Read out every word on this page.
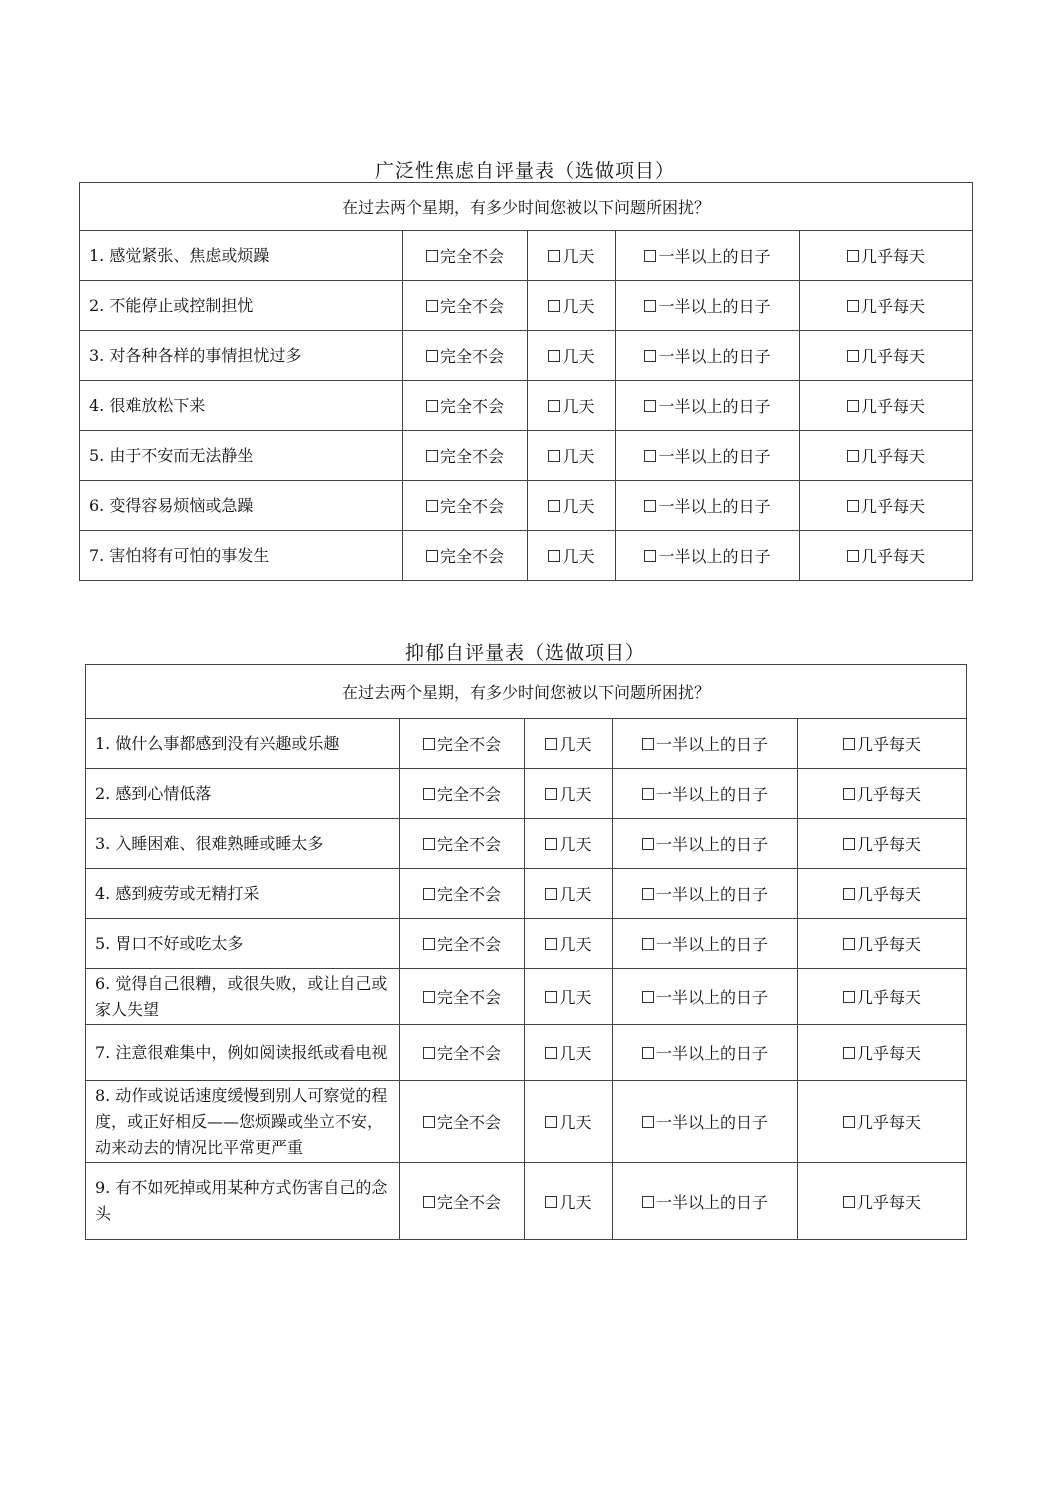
广泛性焦虑自评量表（选做项目）
在过去两个星期，有多少时间您被以下问题所困扰？				
1. 感觉紧张、焦虑或烦躁	完全不会	几天	一半以上的日子	几乎每天
2. 不能停止或控制担忧	完全不会	几天	一半以上的日子	几乎每天
3. 对各种各样的事情担忧过多	完全不会	几天	一半以上的日子	几乎每天
4. 很难放松下来	完全不会	几天	一半以上的日子	几乎每天
5. 由于不安而无法静坐	完全不会	几天	一半以上的日子	几乎每天
6. 变得容易烦恼或急躁	完全不会	几天	一半以上的日子	几乎每天
7. 害怕将有可怕的事发生	完全不会	几天	一半以上的日子	几乎每天
抑郁自评量表（选做项目）
在过去两个星期，有多少时间您被以下问题所困扰？				
1. 做什么事都感到没有兴趣或乐趣	完全不会	几天	一半以上的日子	几乎每天
2. 感到心情低落	完全不会	几天	一半以上的日子	几乎每天
3. 入睡困难、很难熟睡或睡太多	完全不会	几天	一半以上的日子	几乎每天
4. 感到疲劳或无精打采	完全不会	几天	一半以上的日子	几乎每天
5. 胃口不好或吃太多	完全不会	几天	一半以上的日子	几乎每天
6. 觉得自己很糟，或很失败，或让自己或家人失望	完全不会	几天	一半以上的日子	几乎每天
7. 注意很难集中，例如阅读报纸或看电视	完全不会	几天	一半以上的日子	几乎每天
8. 动作或说话速度缓慢到别人可察觉的程度，或正好相反——您烦躁或坐立不安，动来动去的情况比平常更严重	完全不会	几天	一半以上的日子	几乎每天
9. 有不如死掉或用某种方式伤害自己的念头	完全不会	几天	一半以上的日子	几乎每天
